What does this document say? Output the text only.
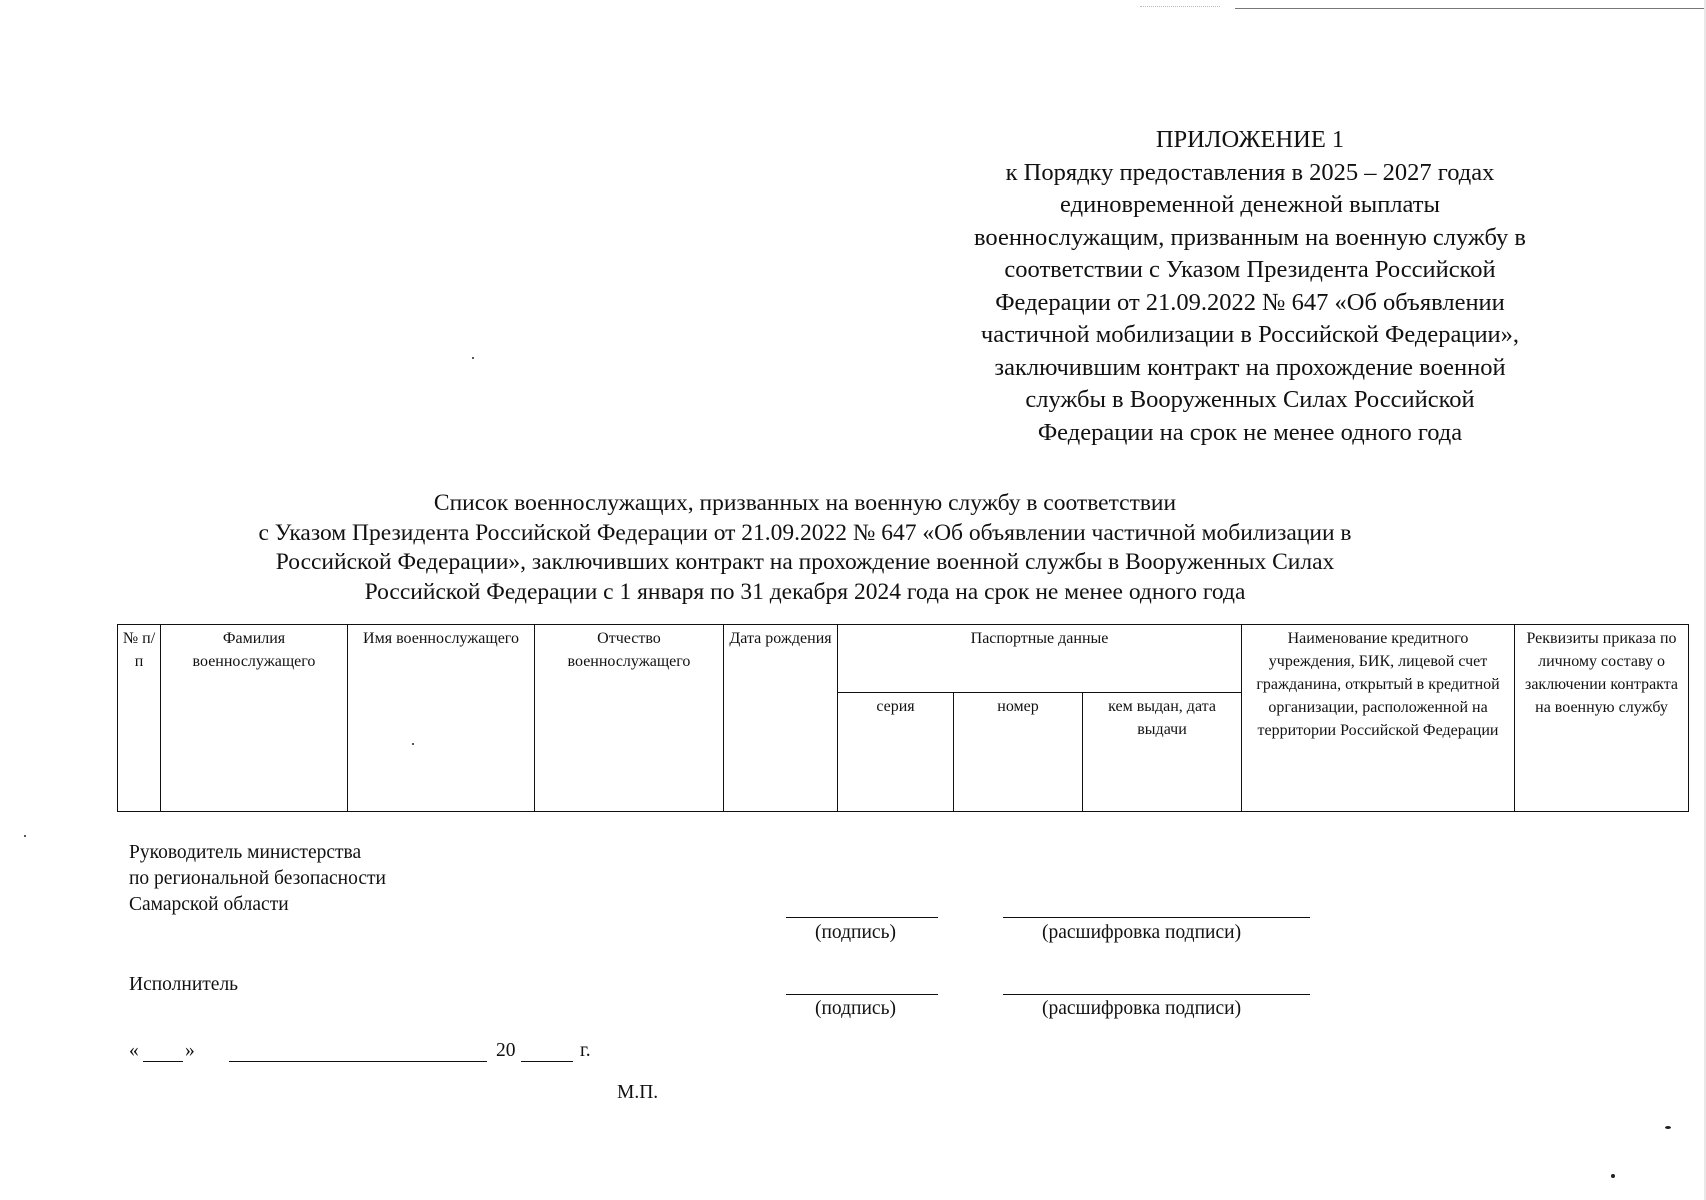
ПРИЛОЖЕНИЕ 1
к Порядку предоставления в 2025 – 2027 годах
единовременной денежной выплаты
военнослужащим, призванным на военную службу в
соответствии с Указом Президента Российской
Федерации от 21.09.2022 № 647 «Об объявлении
частичной мобилизации в Российской Федерации»,
заключившим контракт на прохождение военной
службы в Вооруженных Силах Российской
Федерации на срок не менее одного года
Список военнослужащих, призванных на военную службу в соответствии
с Указом Президента Российской Федерации от 21.09.2022 № 647 «Об объявлении частичной мобилизации в
Российской Федерации», заключивших контракт на прохождение военной службы в Вооруженных Силах
Российской Федерации с 1 января по 31 декабря 2024 года на срок не менее одного года
№ п/п	Фамилия военнослужащего	Имя военнослужащего	Отчество военнослужащего	Дата рождения	Паспортные данные			Наименование кредитного учреждения, БИК, лицевой счет гражданина, открытый в кредитной организации, расположенной на территории Российской Федерации	Реквизиты приказа по личному составу о заключении контракта на военную службу
					серия	номер	кем выдан, дата выдачи		
Руководитель министерства
по региональной безопасности
Самарской области
(подпись)	(расшифровка подписи)
Исполнитель
(подпись)	(расшифровка подписи)
« »	20	г.
М.П.
